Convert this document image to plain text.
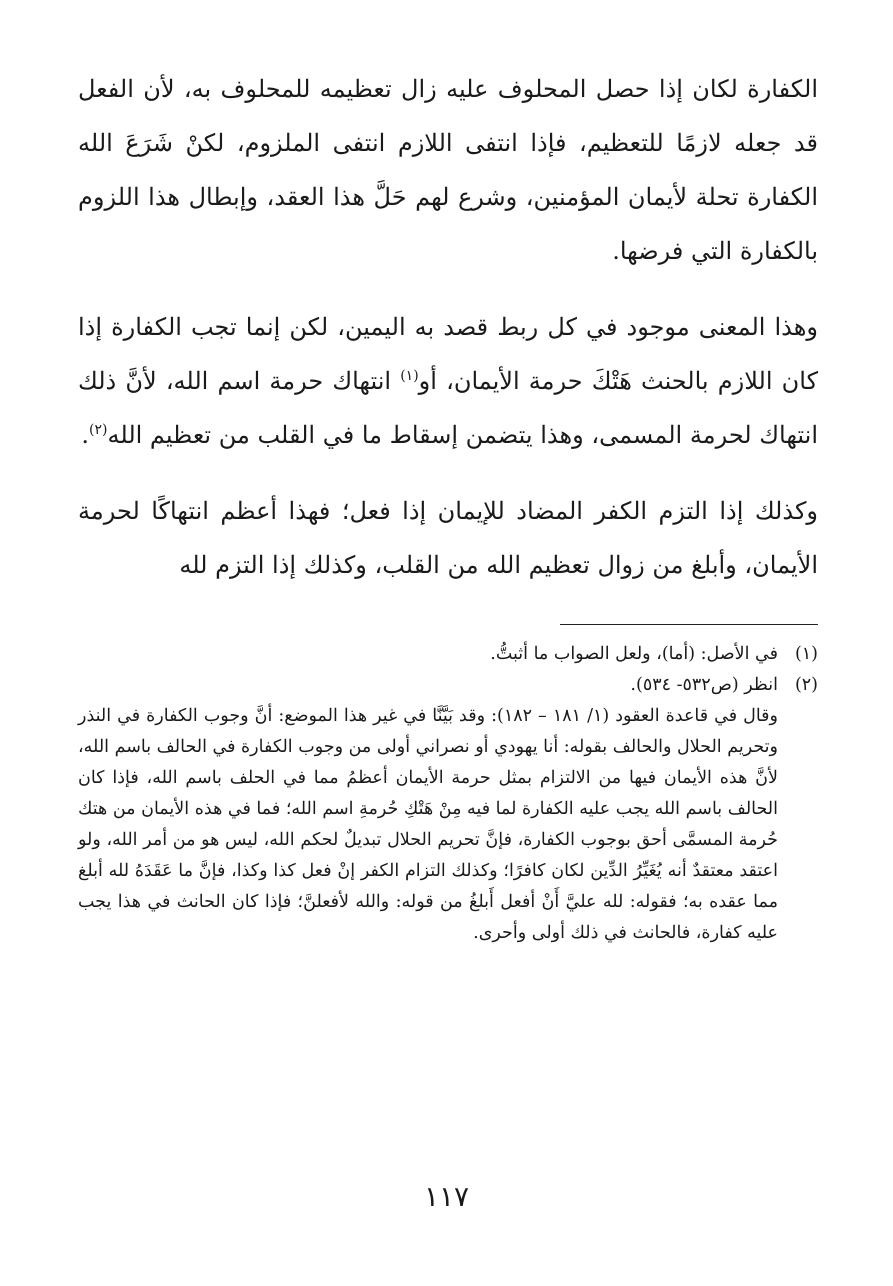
الكفارة لكان إذا حصل المحلوف عليه زال تعظيمه للمحلوف به، لأن الفعل قد جعله لازمًا للتعظيم، فإذا انتفى اللازم انتفى الملزوم، لكنْ شَرَعَ الله الكفارة تحلة لأيمان المؤمنين، وشرع لهم حَلَّ هذا العقد، وإبطال هذا اللزوم بالكفارة التي فرضها.

وهذا المعنى موجود في كل ربط قصد به اليمين، لكن إنما تجب الكفارة إذا كان اللازم بالحنث هَتْكَ حرمة الأيمان، أو$^{(١)}$ انتهاك حرمة اسم الله، لأنَّ ذلك انتهاك لحرمة المسمى، وهذا يتضمن إسقاط ما في القلب من تعظيم الله$^{(٢)}$.

وكذلك إذا التزم الكفر المضاد للإيمان إذا فعل؛ فهذا أعظم انتهاكًا لحرمة الأيمان، وأبلغ من زوال تعظيم الله من القلب، وكذلك إذا التزم لله

(١)

في الأصل: (أما)، ولعل الصواب ما أثبتُّ.

(٢)

انظر (ص٥٣٢- ٥٣٤).

وقال في قاعدة العقود (١/ ١٨١ – ١٨٢): وقد بَيَّنَّا في غير هذا الموضع: أنَّ وجوب الكفارة في النذر وتحريم الحلال والحالف بقوله: أنا يهودي أو نصراني أولى من وجوب الكفارة في الحالف باسم الله، لأنَّ هذه الأيمان فيها من الالتزام بمثل حرمة الأيمان أعظمُ مما في الحلف باسم الله، فإذا كان الحالف باسم الله يجب عليه الكفارة لما فيه مِنْ هَتْكِ حُرمةِ اسم الله؛ فما في هذه الأيمان من هتك حُرمة المسمَّى أحق بوجوب الكفارة، فإنَّ تحريم الحلال تبديلٌ لحكم الله، ليس هو من أمر الله، ولو اعتقد معتقدٌ أنه يُغَيِّرُ الدِّين لكان كافرًا؛ وكذلك التزام الكفر إنْ فعل كذا وكذا، فإنَّ ما عَقَدَهُ لله أبلغ مما عقده به؛ فقوله: لله عليَّ أَنْ أفعل أَبلغُ من قوله: والله لأفعلنَّ؛ فإذا كان الحانث في هذا يجب عليه كفارة، فالحانث في ذلك أولى وأحرى.

١١٧
